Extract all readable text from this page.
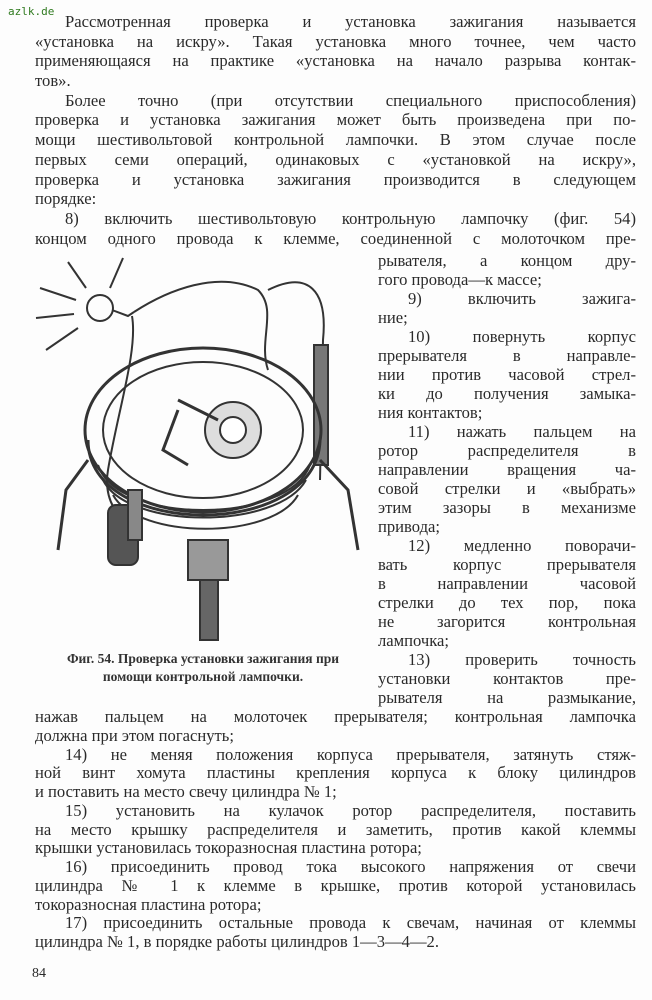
azlk.de
Рассмотренная проверка и установка зажигания называется
«установка на искру». Такая установка много точнее, чем часто
применяющаяся на практике «установка на начало разрыва контак-
тов».
Более точно (при отсутствии специального приспособления)
проверка и установка зажигания может быть произведена при по-
мощи шестивольтовой контрольной лампочки. В этом случае после
первых семи операций, одинаковых с «установкой на искру»,
проверка и установка зажигания производится в следующем
порядке:
8) включить шестивольтовую контрольную лампочку (фиг. 54)
концом одного провода к клемме, соединенной с молоточком пре-
рывателя, а концом дру-
гого провода—к массе;
9) включить зажига-
ние;
10) повернуть корпус
прерывателя в направле-
нии против часовой стрел-
ки до получения замыка-
ния контактов;
11) нажать пальцем на
ротор распределителя в
направлении вращения ча-
совой стрелки и «выбрать»
этим зазоры в механизме
привода;
12) медленно поворачи-
вать корпус прерывателя
в направлении часовой
стрелки до тех пор, пока
не загорится контрольная
лампочка;
13) проверить точность
установки контактов пре-
рывателя на размыкание,
Фиг. 54. Проверка установки зажигания при
помощи контрольной лампочки.
нажав пальцем на молоточек прерывателя; контрольная лампочка
должна при этом погаснуть;
14) не меняя положения корпуса прерывателя, затянуть стяж-
ной винт хомута пластины крепления корпуса к блоку цилиндров
и поставить на место свечу цилиндра № 1;
15) установить на кулачок ротор распределителя, поставить
на место крышку распределителя и заметить, против какой клеммы
крышки установилась токоразносная пластина ротора;
16) присоединить провод тока высокого напряжения от свечи
цилиндра № 1 к клемме в крышке, против которой установилась
токоразносная пластина ротора;
17) присоединить остальные провода к свечам, начиная от клеммы
цилиндра № 1, в порядке работы цилиндров 1—3—4—2.
84
